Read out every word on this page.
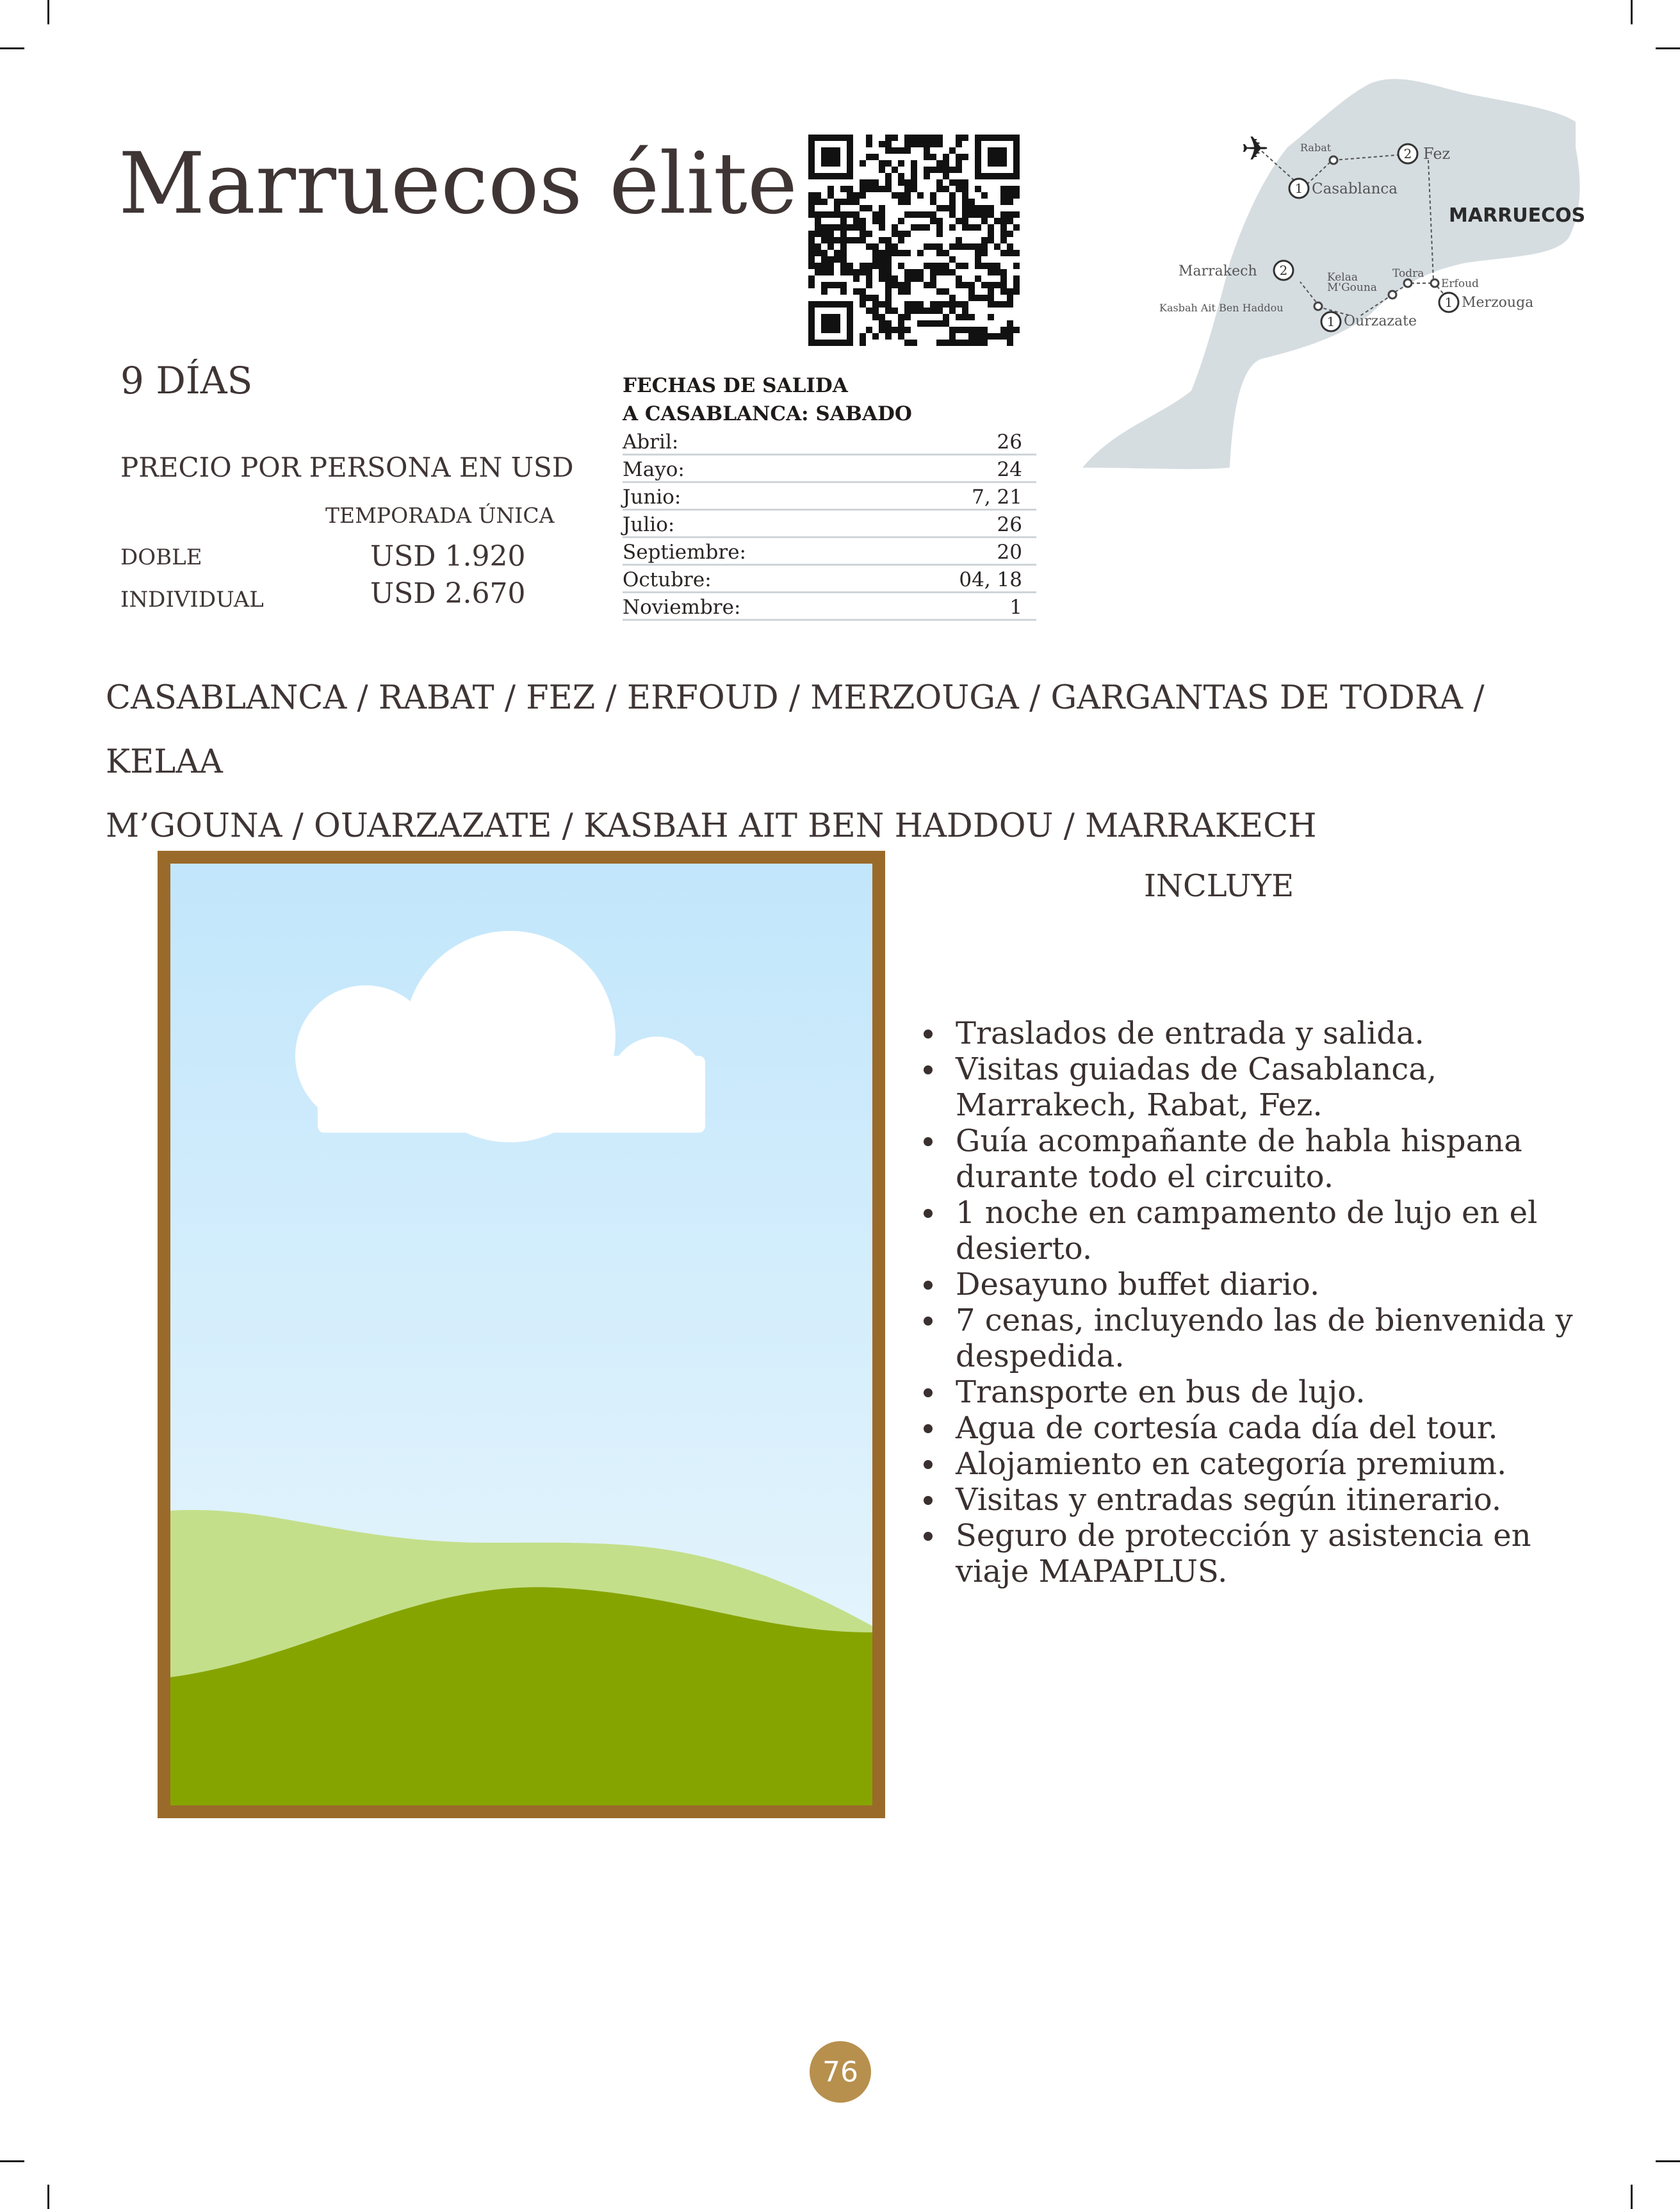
Marruecos élite	✈
1
2
2
1
1
Rabat	Fez
Casablanca
Marrakech	Kelaa
M'Gouna
Todra
Erfoud
Merzouga
Kasbah Ait Ben Haddou
Ourzazate
MARRUECOS
9 DÍAS
PRECIO POR PERSONA EN USD
TEMPORADA ÚNICA
DOBLE	USD 1.920
INDIVIDUAL	USD 2.670
FECHAS DE SALIDA
A CASABLANCA: SABADO
Abril:	26
Mayo:	24
Junio:	7, 21
Julio:	26
Septiembre:	20
Octubre:	04, 18
Noviembre:	1
CASABLANCA / RABAT / FEZ / ERFOUD / MERZOUGA / GARGANTAS DE TODRA / KELAA
M’GOUNA / OUARZAZATE / KASBAH AIT BEN HADDOU / MARRAKECH
INCLUYE
Traslados de entrada y salida.
Visitas guiadas de Casablanca, Marrakech, Rabat, Fez.
Guía acompañante de habla hispana durante todo el circuito.
1 noche en campamento de lujo en el desierto.
Desayuno buffet diario.
7 cenas, incluyendo las de bienvenida y despedida.
Transporte en bus de lujo.
Agua de cortesía cada día del tour.
Alojamiento en categoría premium.
Visitas y entradas según itinerario.
Seguro de protección y asistencia en viaje MAPAPLUS.
76
